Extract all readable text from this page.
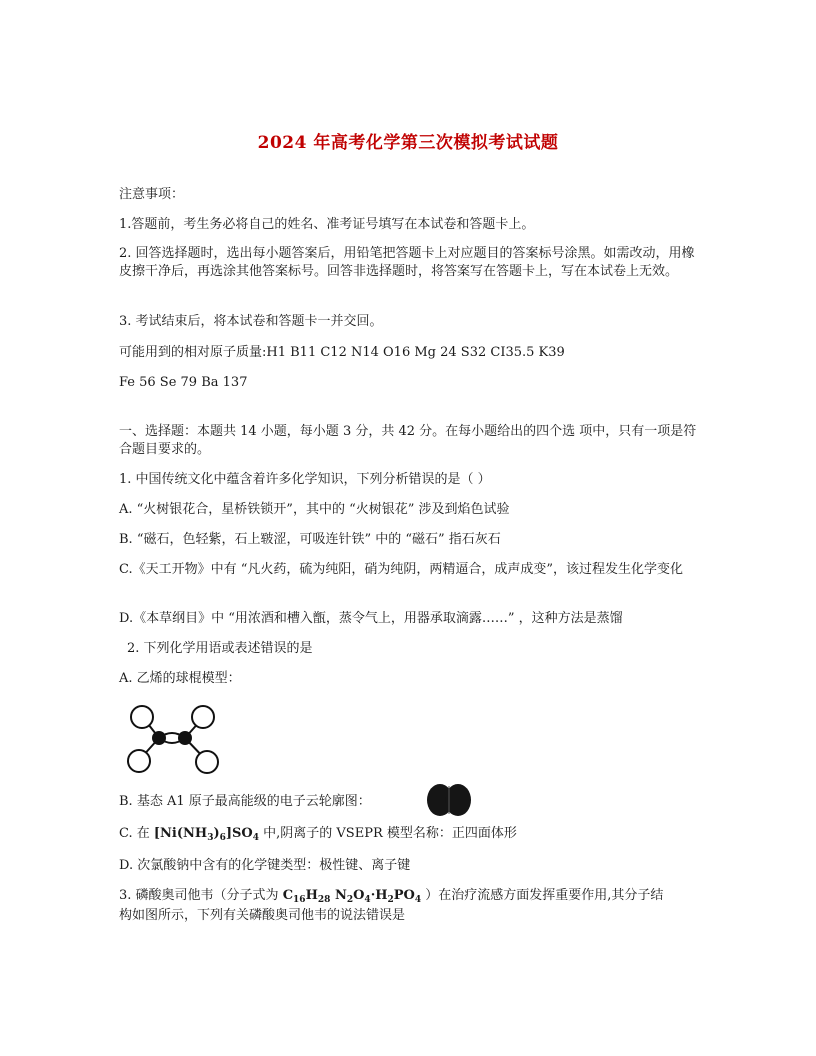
2024 年高考化学第三次模拟考试试题
注意事项：
1.答题前，考生务必将自己的姓名、准考证号填写在本试卷和答题卡上。
2. 回答选择题时，选出每小题答案后，用铅笔把答题卡上对应题目的答案标号涂黑。如需改动，用橡皮擦干净后，再选涂其他答案标号。回答非选择题时，将答案写在答题卡上，写在本试卷上无效。
3. 考试结束后，将本试卷和答题卡一并交回。
可能用到的相对原子质量:H1 B11 C12 N14 O16 Mg 24 S32 CI35.5 K39
Fe 56 Se 79 Ba 137
一、选择题：本题共 14 小题，每小题 3 分，共 42 分。在每小题给出的四个选 项中，只有一项是符合题目要求的。
1. 中国传统文化中蕴含着许多化学知识，下列分析错误的是（ ）
A. “火树银花合，星桥铁锁开”，其中的 “火树银花” 涉及到焰色试验
B. “磁石，色轻紫，石上皲涩，可吸连针铁” 中的 “磁石” 指石灰石
C.《天工开物》中有 “凡火药，硫为纯阳，硝为纯阴，两精逼合，成声成变”，该过程发生化学变化
D.《本草纲目》中 “用浓酒和槽入甑，蒸令气上，用器承取滴露……” ，这种方法是蒸馏
2. 下列化学用语或表述错误的是
A. 乙烯的球棍模型：
B. 基态 A1 原子最高能级的电子云轮廓图：
C. 在 $[Ni(NH_3)_6]SO_4$ 中,阴离子的 VSEPR 模型名称：正四面体形
D. 次氯酸钠中含有的化学键类型：极性键、离子键
3. 磷酸奥司他韦（分子式为 $C_{16}H_{28}$ $N_2O_4\cdot H_2PO_4$ ）在治疗流感方面发挥重要作用,其分子结
构如图所示，下列有关磷酸奥司他韦的说法错误是
